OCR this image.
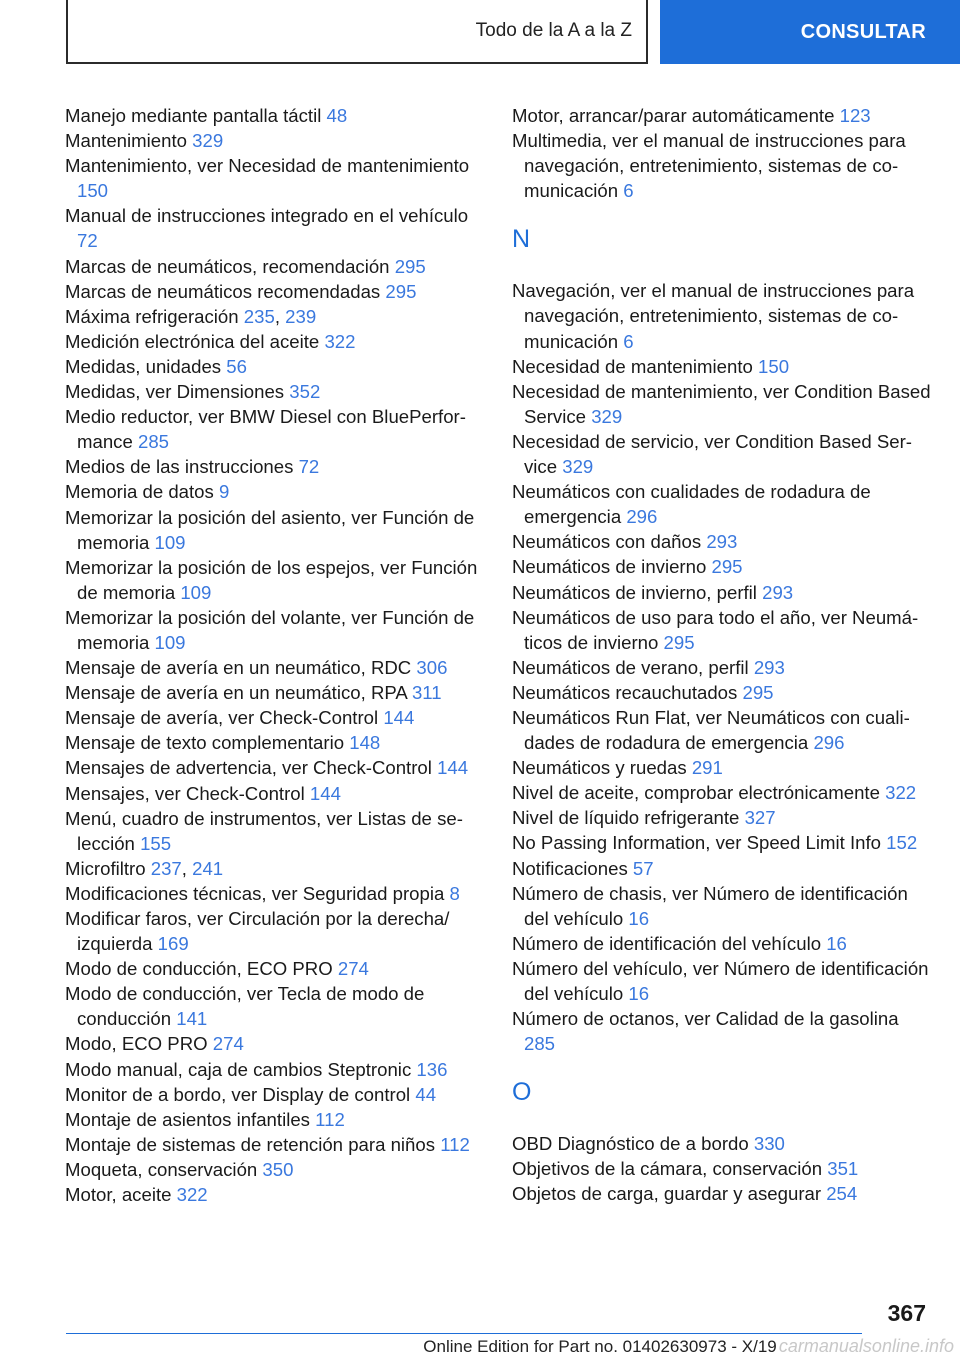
Todo de la A a la Z	CONSULTAR

Manejo mediante pantalla táctil 48

Mantenimiento 329

Mantenimiento, ver Necesidad de mantenimiento 150

Manual de instrucciones integrado en el vehículo 72

Marcas de neumáticos, recomendación 295

Marcas de neumáticos recomendadas 295

Máxima refrigeración 235, 239

Medición electrónica del aceite 322

Medidas, unidades 56

Medidas, ver Dimensiones 352

Medio reductor, ver BMW Diesel con BluePerformance 285

Medios de las instrucciones 72

Memoria de datos 9

Memorizar la posición del asiento, ver Función de memoria 109

Memorizar la posición de los espejos, ver Función de memoria 109

Memorizar la posición del volante, ver Función de memoria 109

Mensaje de avería en un neumático, RDC 306

Mensaje de avería en un neumático, RPA 311

Mensaje de avería, ver Check-Control 144

Mensaje de texto complementario 148

Mensajes de advertencia, ver Check-Control 144

Mensajes, ver Check-Control 144

Menú, cuadro de instrumentos, ver Listas de selección 155

Microfiltro 237, 241

Modificaciones técnicas, ver Seguridad propia 8

Modificar faros, ver Circulación por la derecha/ izquierda 169

Modo de conducción, ECO PRO 274

Modo de conducción, ver Tecla de modo de conducción 141

Modo, ECO PRO 274

Modo manual, caja de cambios Steptronic 136

Monitor de a bordo, ver Display de control 44

Montaje de asientos infantiles 112

Montaje de sistemas de retención para niños 112

Moqueta, conservación 350

Motor, aceite 322

Motor, arrancar/parar automáticamente 123

Multimedia, ver el manual de instrucciones para navegación, entretenimiento, sistemas de comunicación 6

N

Navegación, ver el manual de instrucciones para navegación, entretenimiento, sistemas de comunicación 6

Necesidad de mantenimiento 150

Necesidad de mantenimiento, ver Condition Based Service 329

Necesidad de servicio, ver Condition Based Service 329

Neumáticos con cualidades de rodadura de emergencia 296

Neumáticos con daños 293

Neumáticos de invierno 295

Neumáticos de invierno, perfil 293

Neumáticos de uso para todo el año, ver Neumáticos de invierno 295

Neumáticos de verano, perfil 293

Neumáticos recauchutados 295

Neumáticos Run Flat, ver Neumáticos con cualidades de rodadura de emergencia 296

Neumáticos y ruedas 291

Nivel de aceite, comprobar electrónicamente 322

Nivel de líquido refrigerante 327

No Passing Information, ver Speed Limit Info 152

Notificaciones 57

Número de chasis, ver Número de identificación del vehículo 16

Número de identificación del vehículo 16

Número del vehículo, ver Número de identificación del vehículo 16

Número de octanos, ver Calidad de la gasolina 285

O

OBD Diagnóstico de a bordo 330

Objetivos de la cámara, conservación 351

Objetos de carga, guardar y asegurar 254

367
Online Edition for Part no. 01402630973 - X/19 carmanualsonline.info
